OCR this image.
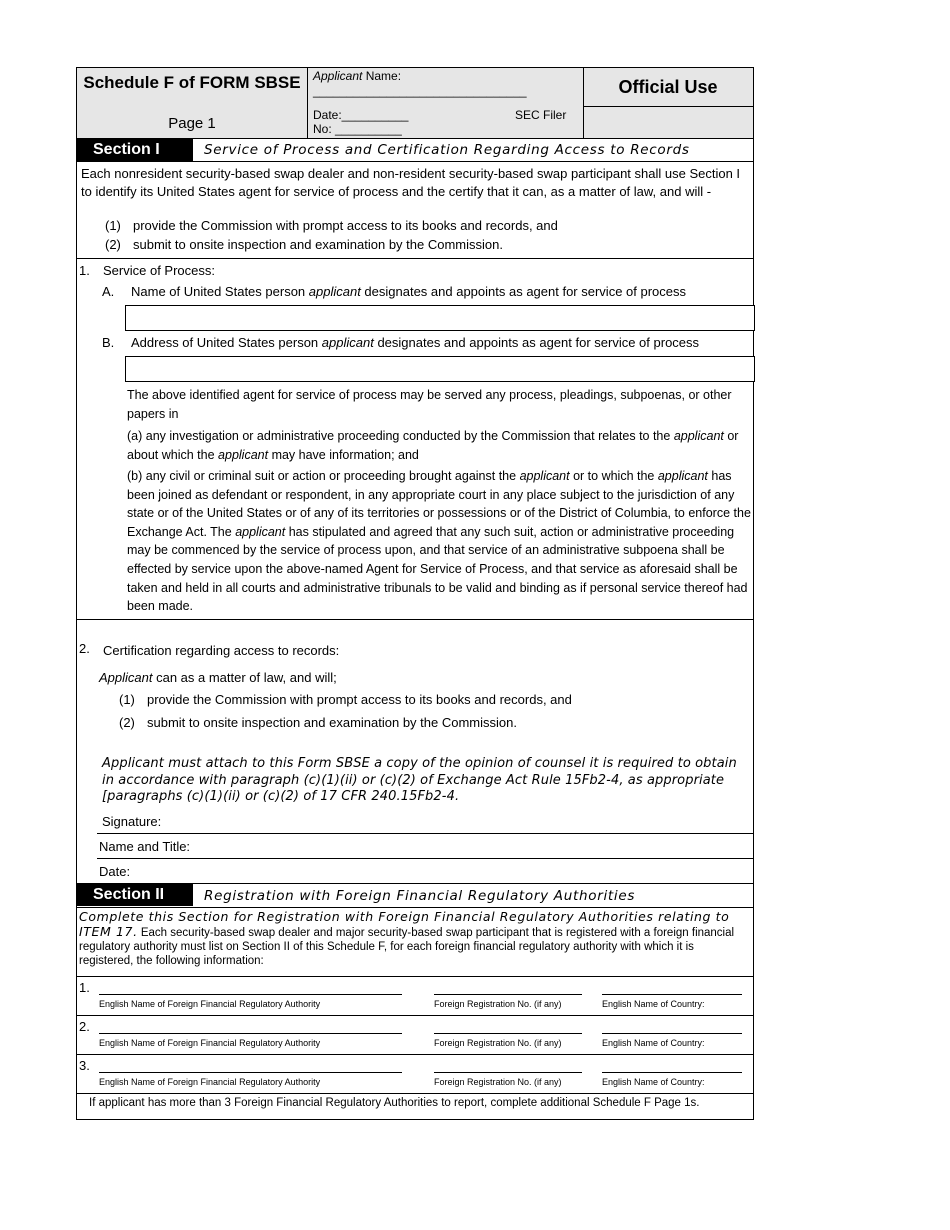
Schedule F of FORM SBSE
Page 1
Applicant Name:
________________________________
Date:__________	SEC Filer
No: __________
Official Use
Section I	Service of Process and Certification Regarding Access to Records
Each nonresident security-based swap dealer and non-resident security-based swap participant shall use Section I to identify its United States agent for service of process and the certify that it can, as a matter of law, and will -
(1) provide the Commission with prompt access to its books and records, and
(2) submit to onsite inspection and examination by the Commission.
1. Service of Process:
A. Name of United States person applicant designates and appoints as agent for service of process
B. Address of United States person applicant designates and appoints as agent for service of process
The above identified agent for service of process may be served any process, pleadings, subpoenas, or other papers in
(a) any investigation or administrative proceeding conducted by the Commission that relates to the applicant or about which the applicant may have information; and
(b) any civil or criminal suit or action or proceeding brought against the applicant or to which the applicant has been joined as defendant or respondent, in any appropriate court in any place subject to the jurisdiction of any state or of the United States or of any of its territories or possessions or of the District of Columbia, to enforce the Exchange Act. The applicant has stipulated and agreed that any such suit, action or administrative proceeding may be commenced by the service of process upon, and that service of an administrative subpoena shall be effected by service upon the above-named Agent for Service of Process, and that service as aforesaid shall be taken and held in all courts and administrative tribunals to be valid and binding as if personal service thereof had been made.
2. Certification regarding access to records:
Applicant can as a matter of law, and will;
(1) provide the Commission with prompt access to its books and records, and
(2) submit to onsite inspection and examination by the Commission.
Applicant must attach to this Form SBSE a copy of the opinion of counsel it is required to obtain in accordance with paragraph (c)(1)(ii) or (c)(2) of Exchange Act Rule 15Fb2-4, as appropriate [paragraphs (c)(1)(ii) or (c)(2) of 17 CFR 240.15Fb2-4.
Signature:
Name and Title:
Date:
Section II	Registration with Foreign Financial Regulatory Authorities
Complete this Section for Registration with Foreign Financial Regulatory Authorities relating to ITEM 17. Each security-based swap dealer and major security-based swap participant that is registered with a foreign financial regulatory authority must list on Section II of this Schedule F, for each foreign financial regulatory authority with which it is registered, the following information:
1.
English Name of Foreign Financial Regulatory Authority	Foreign Registration No. (if any)	English Name of Country:
2.
English Name of Foreign Financial Regulatory Authority	Foreign Registration No. (if any)	English Name of Country:
3.
English Name of Foreign Financial Regulatory Authority	Foreign Registration No. (if any)	English Name of Country:
If applicant has more than 3 Foreign Financial Regulatory Authorities to report, complete additional Schedule F Page 1s.
